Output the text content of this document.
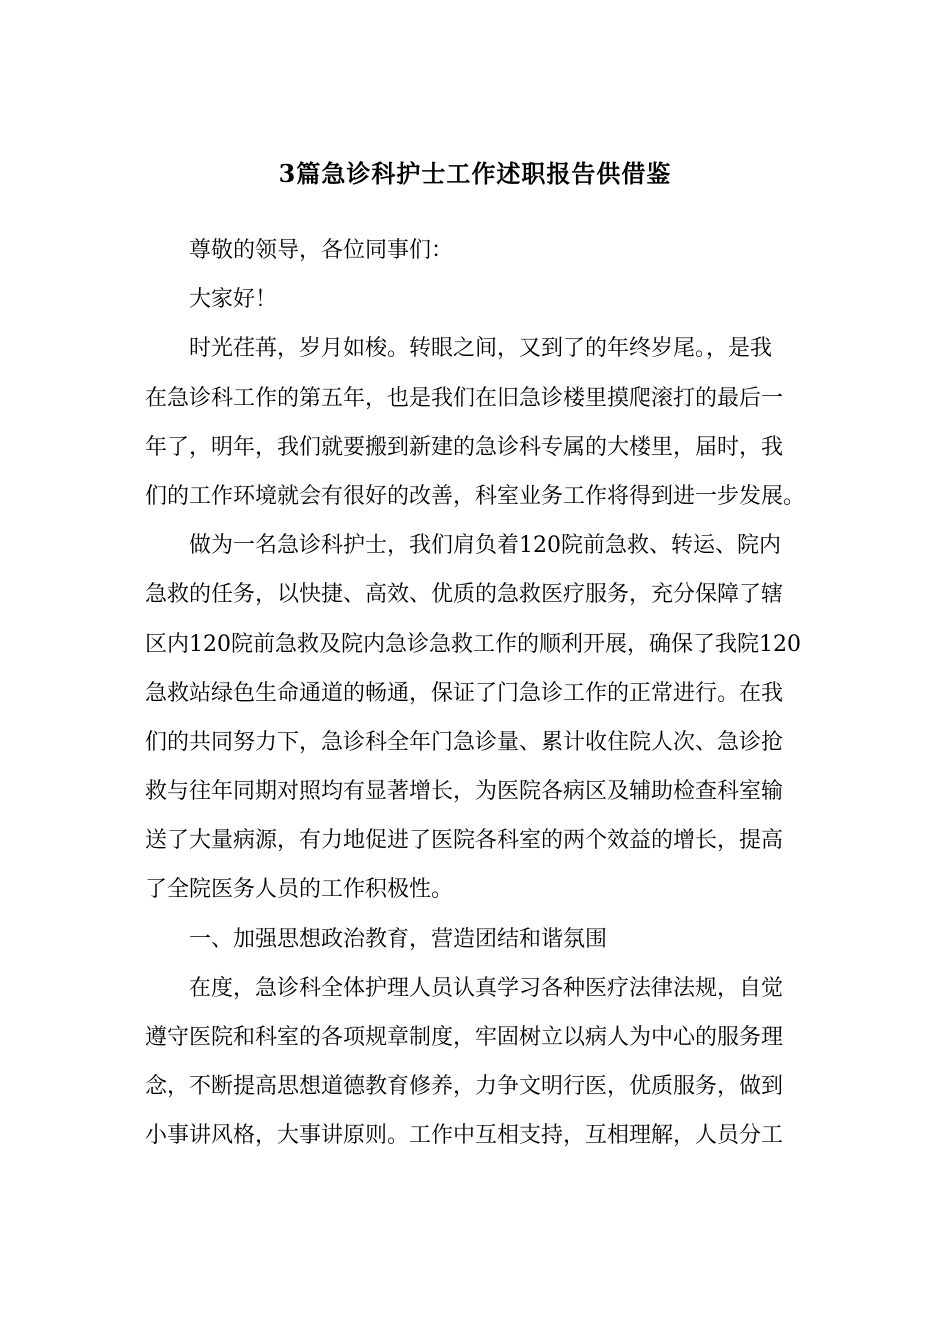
3篇急诊科护士工作述职报告供借鉴
尊敬的领导，各位同事们：
大家好！
时光荏苒，岁月如梭。转眼之间，又到了的年终岁尾。，是我
在急诊科工作的第五年，也是我们在旧急诊楼里摸爬滚打的最后一
年了，明年，我们就要搬到新建的急诊科专属的大楼里，届时，我
们的工作环境就会有很好的改善，科室业务工作将得到进一步发展。
做为一名急诊科护士，我们肩负着120院前急救、转运、院内
急救的任务，以快捷、高效、优质的急救医疗服务，充分保障了辖
区内120院前急救及院内急诊急救工作的顺利开展，确保了我院120
急救站绿色生命通道的畅通，保证了门急诊工作的正常进行。在我
们的共同努力下，急诊科全年门急诊量、累计收住院人次、急诊抢
救与往年同期对照均有显著增长，为医院各病区及辅助检查科室输
送了大量病源，有力地促进了医院各科室的两个效益的增长，提高
了全院医务人员的工作积极性。
一、加强思想政治教育，营造团结和谐氛围
在度，急诊科全体护理人员认真学习各种医疗法律法规，自觉
遵守医院和科室的各项规章制度，牢固树立以病人为中心的服务理
念，不断提高思想道德教育修养，力争文明行医，优质服务，做到
小事讲风格，大事讲原则。工作中互相支持，互相理解，人员分工
